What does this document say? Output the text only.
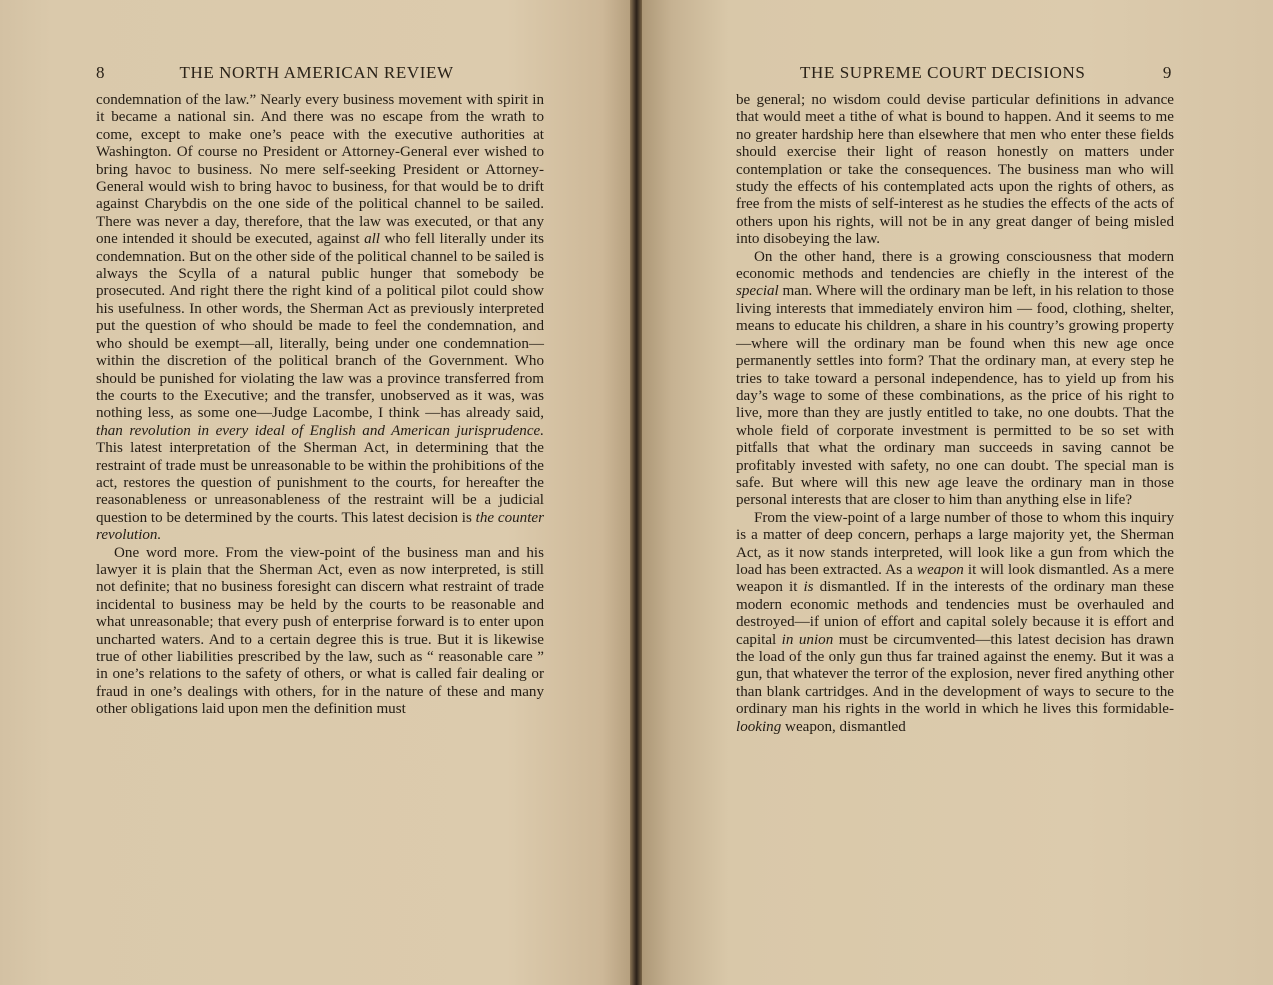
8	THE NORTH AMERICAN REVIEW

condemnation of the law.” Nearly every business movement with spirit in it became a national sin. And there was no escape from the wrath to come, except to make one’s peace with the executive authorities at Washington. Of course no President or Attorney-General ever wished to bring havoc to business. No mere self-seeking President or Attorney-General would wish to bring havoc to business, for that would be to drift against Charybdis on the one side of the political channel to be sailed. There was never a day, therefore, that the law was executed, or that any one intended it should be executed, against all who fell literally under its condemnation. But on the other side of the political channel to be sailed is always the Scylla of a natural public hunger that somebody be prosecuted. And right there the right kind of a political pilot could show his usefulness. In other words, the Sherman Act as previously interpreted put the question of who should be made to feel the condemnation, and who should be exempt—all, literally, being under one condemnation—within the discretion of the political branch of the Government. Who should be punished for violating the law was a province transferred from the courts to the Executive; and the transfer, unobserved as it was, was nothing less, as some one—Judge Lacombe, I think —has already said, than revolution in every ideal of English and American jurisprudence. This latest interpretation of the Sherman Act, in determining that the restraint of trade must be unreasonable to be within the prohibitions of the act, restores the question of punishment to the courts, for hereafter the reasonableness or unreasonableness of the restraint will be a judicial question to be determined by the courts. This latest decision is the counter revolution.

One word more. From the view-point of the business man and his lawyer it is plain that the Sherman Act, even as now interpreted, is still not definite; that no business foresight can discern what restraint of trade incidental to business may be held by the courts to be reasonable and what unreasonable; that every push of enterprise forward is to enter upon uncharted waters. And to a certain degree this is true. But it is likewise true of other liabilities prescribed by the law, such as “ reasonable care ” in one’s relations to the safety of others, or what is called fair dealing or fraud in one’s dealings with others, for in the nature of these and many other obligations laid upon men the definition must

THE SUPREME COURT DECISIONS	9

be general; no wisdom could devise particular definitions in advance that would meet a tithe of what is bound to happen. And it seems to me no greater hardship here than elsewhere that men who enter these fields should exercise their light of reason honestly on matters under contemplation or take the consequences. The business man who will study the effects of his contemplated acts upon the rights of others, as free from the mists of self-interest as he studies the effects of the acts of others upon his rights, will not be in any great danger of being misled into disobeying the law.

On the other hand, there is a growing consciousness that modern economic methods and tendencies are chiefly in the interest of the special man. Where will the ordinary man be left, in his relation to those living interests that immediately environ him — food, clothing, shelter, means to educate his children, a share in his country’s growing property—where will the ordinary man be found when this new age once permanently settles into form? That the ordinary man, at every step he tries to take toward a personal independence, has to yield up from his day’s wage to some of these combinations, as the price of his right to live, more than they are justly entitled to take, no one doubts. That the whole field of corporate investment is permitted to be so set with pitfalls that what the ordinary man succeeds in saving cannot be profitably invested with safety, no one can doubt. The special man is safe. But where will this new age leave the ordinary man in those personal interests that are closer to him than anything else in life?

From the view-point of a large number of those to whom this inquiry is a matter of deep concern, perhaps a large majority yet, the Sherman Act, as it now stands interpreted, will look like a gun from which the load has been extracted. As a weapon it will look dismantled. As a mere weapon it is dismantled. If in the interests of the ordinary man these modern economic methods and tendencies must be overhauled and destroyed—if union of effort and capital solely because it is effort and capital in union must be circumvented—this latest decision has drawn the load of the only gun thus far trained against the enemy. But it was a gun, that whatever the terror of the explosion, never fired anything other than blank cartridges. And in the development of ways to secure to the ordinary man his rights in the world in which he lives this formidable-looking weapon, dismantled
